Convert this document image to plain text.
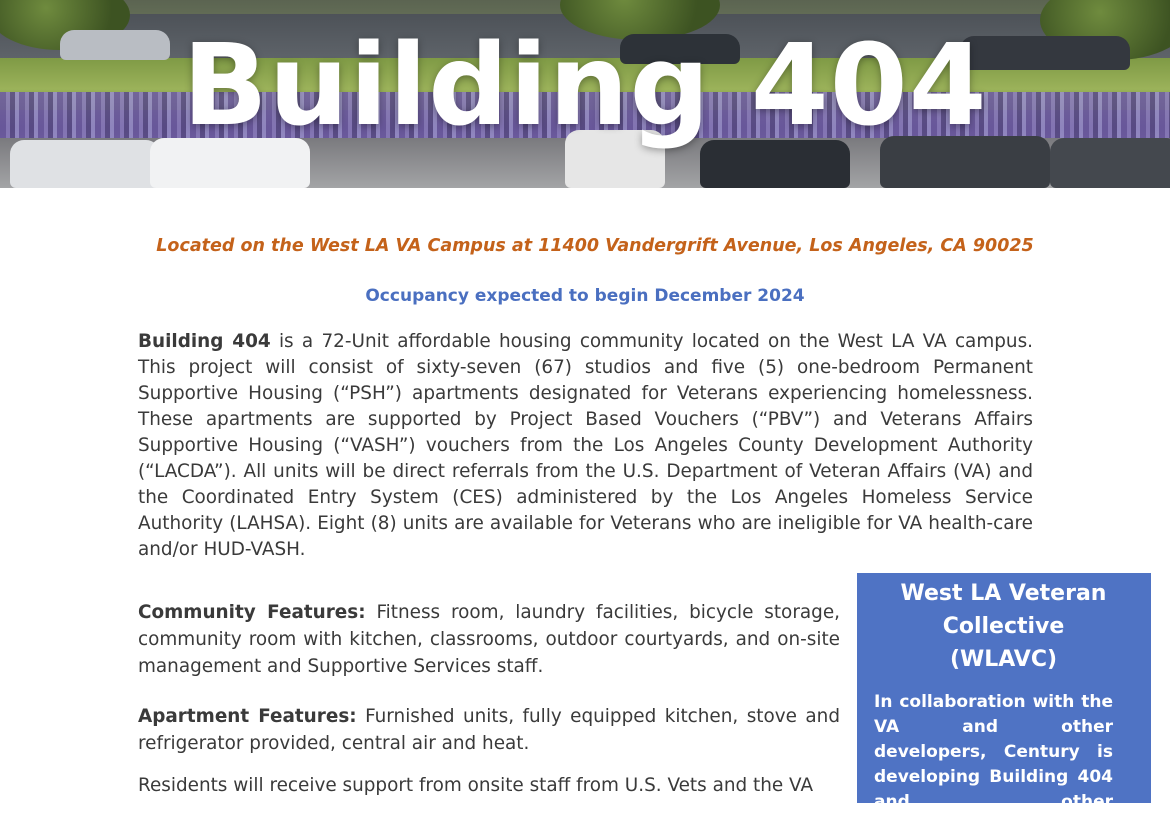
Building 404
Located on the West LA VA Campus at 11400 Vandergrift Avenue, Los Angeles, CA 90025
Occupancy expected to begin December 2024

Building 404 is a 72-Unit affordable housing community located on the West LA VA campus. This project will consist of sixty-seven (67) studios and five (5) one-bedroom Permanent Supportive Housing (“PSH”) apartments designated for Veterans experiencing homelessness. These apartments are supported by Project Based Vouchers (“PBV”) and Veterans Affairs Supportive Housing (“VASH”) vouchers from the Los Angeles County Development Authority (“LACDA”). All units will be direct referrals from the U.S. Department of Veteran Affairs (VA) and the Coordinated Entry System (CES) administered by the Los Angeles Homeless Service Authority (LAHSA). Eight (8) units are available for Veterans who are ineligible for VA health-care and/or HUD-VASH.

Community Features: Fitness room, laundry facilities, bicycle storage, community room with kitchen, classrooms, outdoor courtyards, and on-site management and Supportive Services staff.

Apartment Features: Furnished units, fully equipped kitchen, stove and refrigerator provided, central air and heat.

Residents will receive support from onsite staff from U.S. Vets and the VA

West LA Veteran
Collective
(WLAVC)

In collaboration with the VA and other developers, Century is developing Building 404 and other
